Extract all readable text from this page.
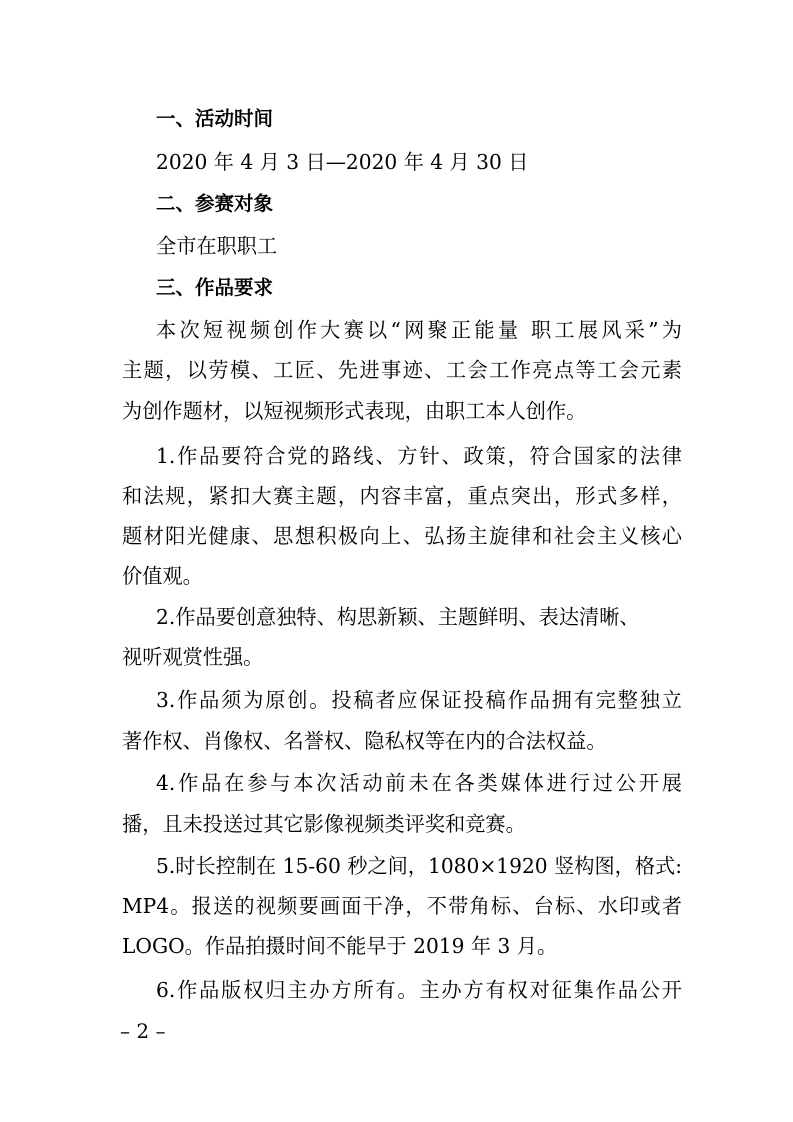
一、活动时间
2020 年 4 月 3 日—2020 年 4 月 30 日
二、参赛对象
全市在职职工
三、作品要求
本次短视频创作大赛以“网聚正能量 职工展风采”为
主题，以劳模、工匠、先进事迹、工会工作亮点等工会元素
为创作题材，以短视频形式表现，由职工本人创作。
1.作品要符合党的路线、方针、政策，符合国家的法律
和法规，紧扣大赛主题，内容丰富，重点突出，形式多样，
题材阳光健康、思想积极向上、弘扬主旋律和社会主义核心
价值观。
2.作品要创意独特、构思新颖、主题鲜明、表达清晰、
视听观赏性强。
3.作品须为原创。投稿者应保证投稿作品拥有完整独立
著作权、肖像权、名誉权、隐私权等在内的合法权益。
4.作品在参与本次活动前未在各类媒体进行过公开展
播，且未投送过其它影像视频类评奖和竞赛。
5.时长控制在 15-60 秒之间，1080×1920 竖构图，格式:
MP4。报送的视频要画面干净，不带角标、台标、水印或者
LOGO。作品拍摄时间不能早于 2019 年 3 月。
6.作品版权归主办方所有。主办方有权对征集作品公开
– 2 –
